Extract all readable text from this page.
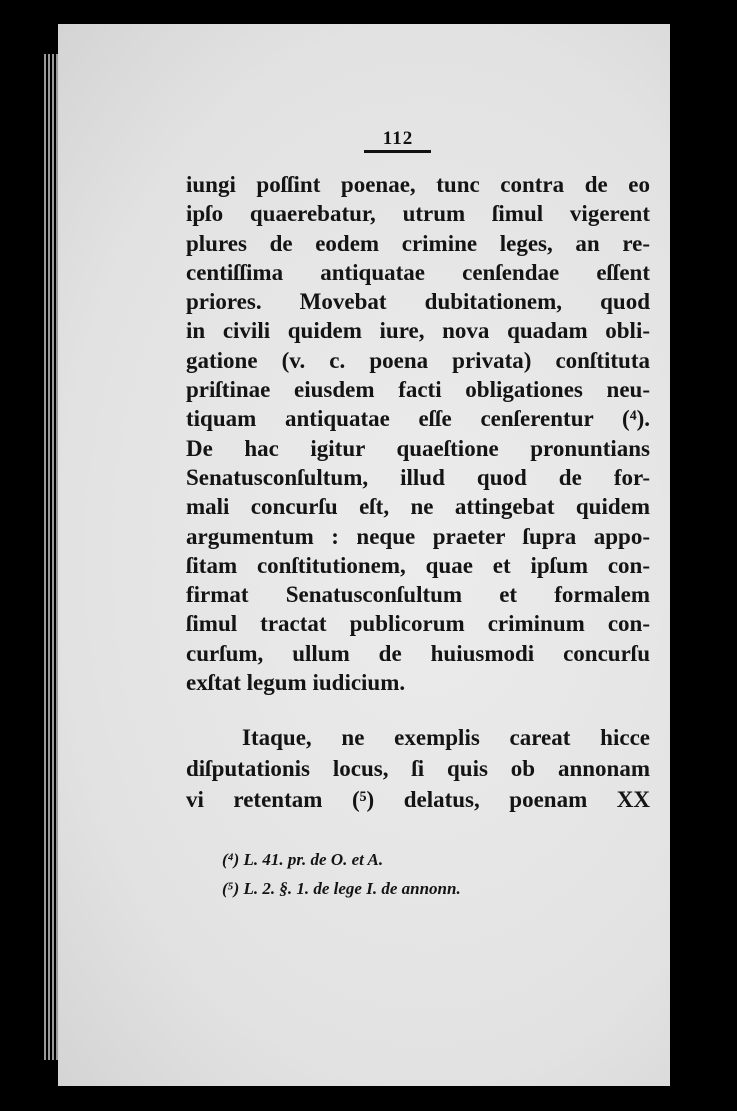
112
iungi poſſint poenae, tunc contra de eo
ipſo quaerebatur, utrum ſimul vigerent
plures de eodem crimine leges, an re-
centiſſima antiquatae cenſendae eſſent
priores. Movebat dubitationem, quod
in civili quidem iure, nova quadam obli-
gatione (v. c. poena privata) conſtituta
priſtinae eiusdem facti obligationes neu-
tiquam antiquatae eſſe cenſerentur (⁴).
De hac igitur quaeſtione pronuntians
Senatusconſultum, illud quod de for-
mali concurſu eſt, ne attingebat quidem
argumentum : neque praeter ſupra appo-
ſitam conſtitutionem, quae et ipſum con-
firmat Senatusconſultum et formalem
ſimul tractat publicorum criminum con-
curſum, ullum de huiusmodi concurſu
exſtat legum iudicium.
Itaque, ne exemplis careat hicce
diſputationis locus, ſi quis ob annonam
vi retentam (⁵) delatus, poenam XX
(⁴) L. 41. pr. de O. et A.
(⁵) L. 2. §. 1. de lege I. de annonn.
